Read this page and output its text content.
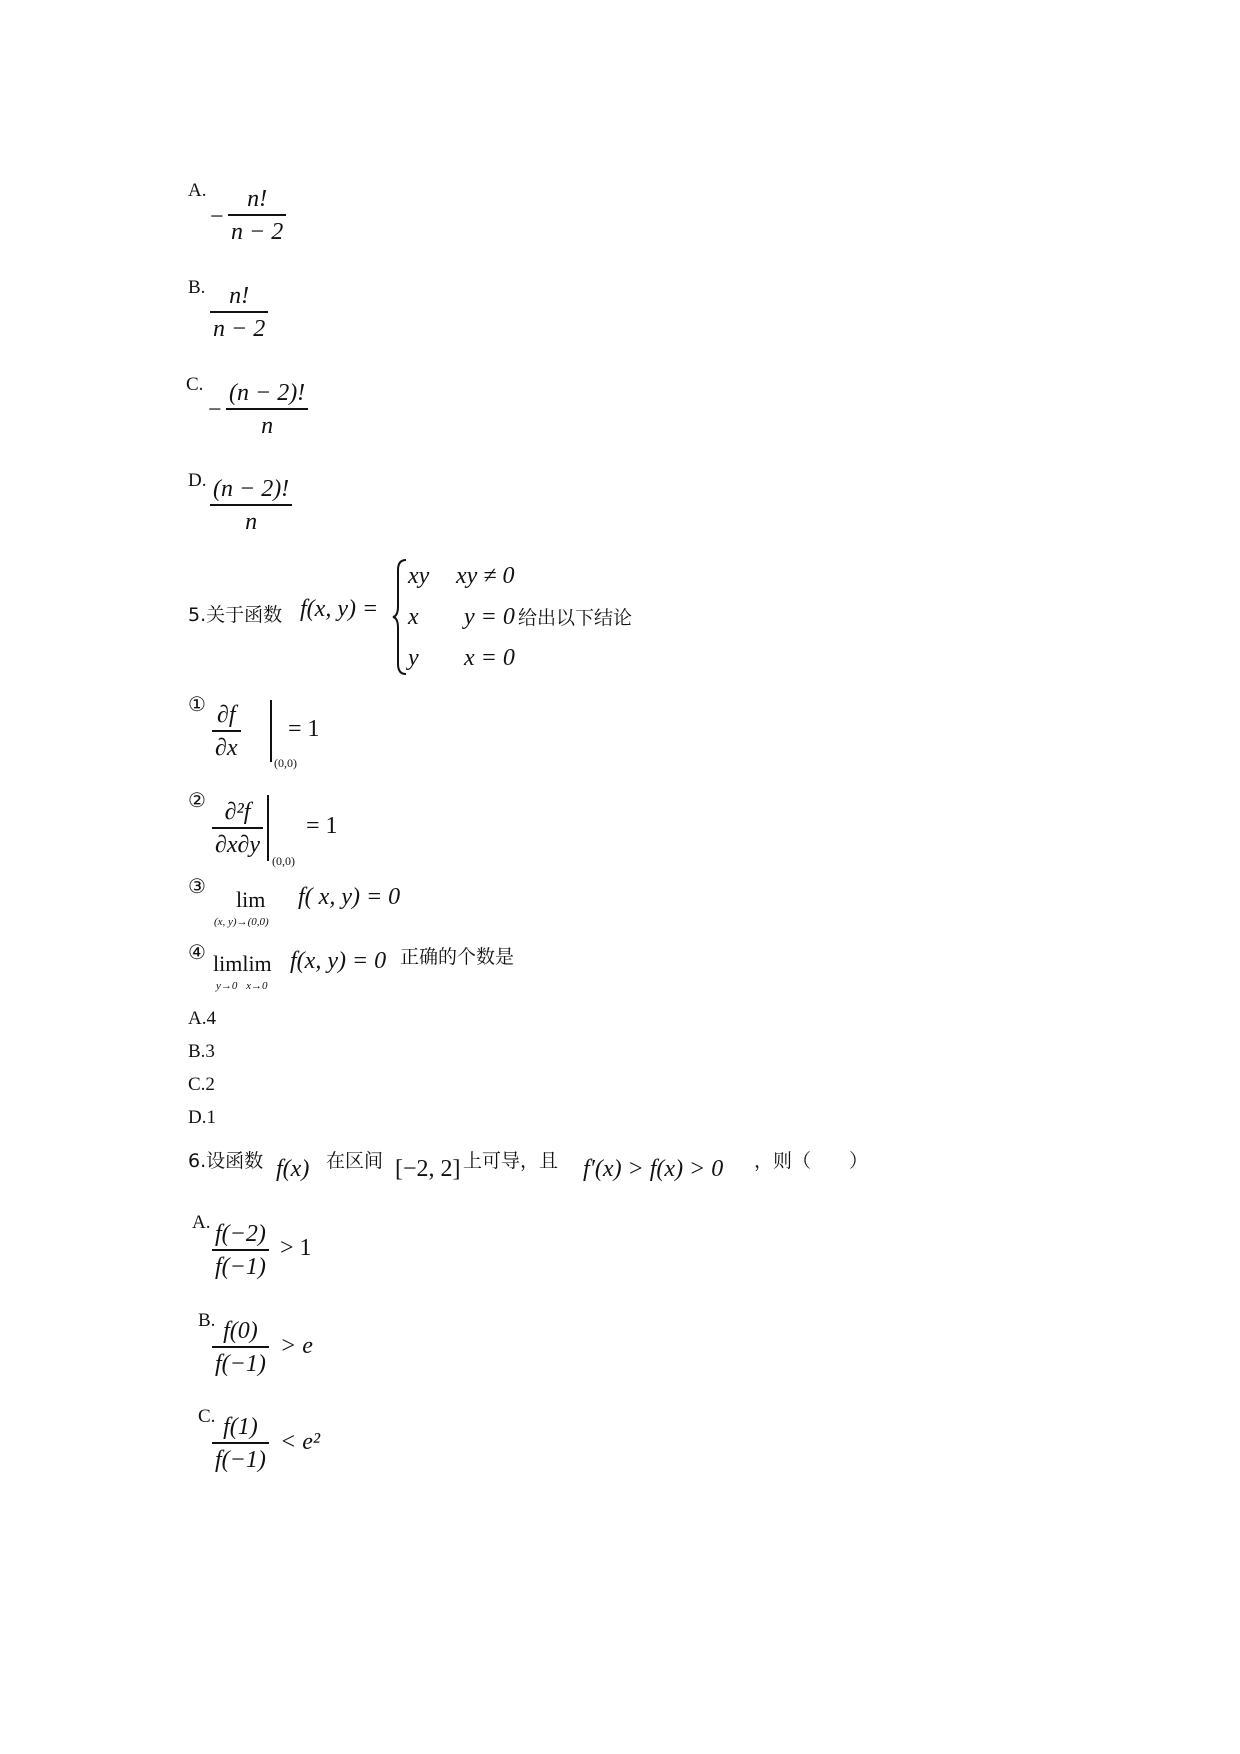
A.
− $\frac{n!}{n - 2}$
B. $\frac{n!}{n - 2}$
C.
− $\frac{(n - 2)!}{n}$
D. $\frac{(n - 2)!}{n}$
5.关于函数 f(x, y) =
xy xy ≠ 0
x y = 0
y x = 0
给出以下结论
① $\frac{\partial f}{\partial x}$	(0,0)
= 1
② $\frac{\text{∂²f}}{\partial x\partial y} (0,0)$
= 1
③
lim
(x, y)→(0,0)
f( x, y) = 0
④ limlim
y→0 x→0
f(x, y) = 0 正确的个数是
A.4
B.3
C.2
D.1
6.设函数 f(x) 在区间 [−2, 2] 上可导，且 f′(x) > f(x) > 0 ，则（　　）
A. $\frac{f(-2)}{f(-1)} > 1$
B.
$\frac{f(0)}{f(-1)} > e$
C.
$\frac{f(1)}{f(-1)} < e^2$
